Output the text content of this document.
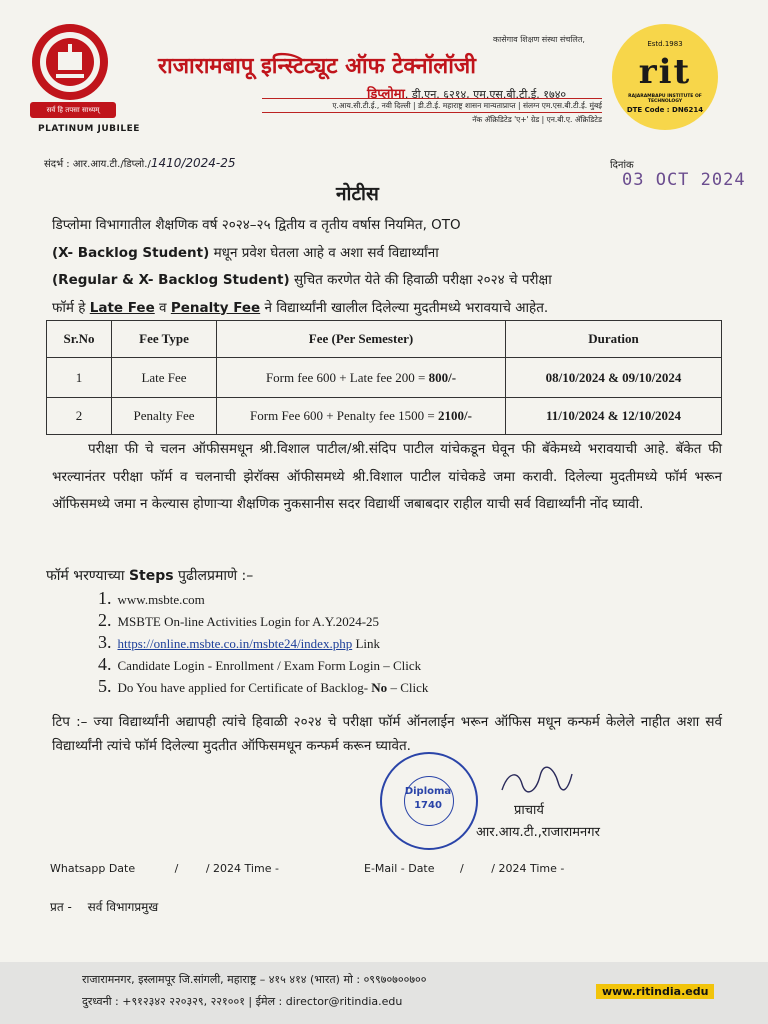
सर्व हि तपसा साध्यम्
PLATINUM JUBILEE
कासेगाव शिक्षण संस्था संचलित,
राजारामबापू इन्स्टिट्यूट ऑफ टेक्नॉलॉजी
डिप्लोमा. डी.एन. ६२१४, एम.एस.बी.टी.ई. १७४०
ए.आय.सी.टी.ई., नवी दिल्ली | डी.टी.ई. महाराष्ट्र शासन मान्यताप्राप्त | संलग्न एम.एस.बी.टी.ई. मुंबई
नॅक अ‍ॅक्रिडिटेड 'ए+' ग्रेड | एन.बी.ए. अ‍ॅक्रिडिटेड
Estd.1983
rit
RAJARAMBAPU INSTITUTE OF TECHNOLOGY
DTE Code : DN6214
संदर्भ : आर.आय.टी./डिप्लो./1410/2024-25	दिनांक
03 OCT 2024
नोटीस
डिप्लोमा विभागातील शैक्षणिक वर्ष २०२४–२५ द्वितीय व तृतीय वर्षास नियमित, OTO
(X- Backlog Student) मधून प्रवेश घेतला आहे व अशा सर्व विद्यार्थ्यांना
(Regular & X- Backlog Student) सुचित करणेत येते की हिवाळी परीक्षा २०२४ चे परीक्षा
फॉर्म हे Late Fee व Penalty Fee ने विद्यार्थ्यांनी खालील दिलेल्या मुदतीमध्ये भरावयाचे आहेत.
Sr.No	Fee Type	Fee (Per Semester)	Duration
1	Late Fee	Form fee 600 + Late fee 200 = 800/-	08/10/2024 & 09/10/2024
2	Penalty Fee	Form Fee 600 + Penalty fee 1500 = 2100/-	11/10/2024 & 12/10/2024
परीक्षा फी चे चलन ऑफीसमधून श्री.विशाल पाटील/श्री.संदिप पाटील यांचेकडून घेवून फी बॅकेमध्ये भरावयाची आहे. बॅकेत फी भरल्यानंतर परीक्षा फॉर्म व चलनाची झेरॉक्स ऑफीसमध्ये श्री.विशाल पाटील यांचेकडे जमा करावी. दिलेल्या मुदतीमध्ये फॉर्म भरून ऑफिसमध्ये जमा न केल्यास होणाऱ्या शैक्षणिक नुकसानीस सदर विद्यार्थी जबाबदार राहील याची सर्व विद्यार्थ्यांनी नोंद घ्यावी.
फॉर्म भरण्याच्या Steps पुढीलप्रमाणे :–
1. www.msbte.com
2. MSBTE On-line Activities Login for A.Y.2024-25
3. https://online.msbte.co.in/msbte24/index.php Link
4. Candidate Login - Enrollment / Exam Form Login – Click
5. Do You have applied for Certificate of Backlog- No – Click
टिप :– ज्या विद्यार्थ्यांनी अद्यापही त्यांचे हिवाळी २०२४ चे परीक्षा फॉर्म ऑनलाईन भरून ऑफिस मधून कन्फर्म केलेले नाहीत अशा सर्व विद्यार्थ्यांनी त्यांचे फॉर्म दिलेल्या मुदतीत ऑफिसमधून कन्फर्म करून घ्यावेत.
Diploma
1740	प्राचार्य
आर.आय.टी.,राजारामनगर
Whatsapp Date	/	/ 2024 Time -	E-Mail - Date /	/ 2024 Time -
प्रत - सर्व विभागप्रमुख
राजारामनगर, इस्लामपूर जि.सांगली, महाराष्ट्र – ४१५ ४१४ (भारत) मो : ०९९७०७००७००
दुरध्वनी : +९१२३४२ २२०३२९, २२१००१ | ईमेल : director@ritindia.edu
www.ritindia.edu
